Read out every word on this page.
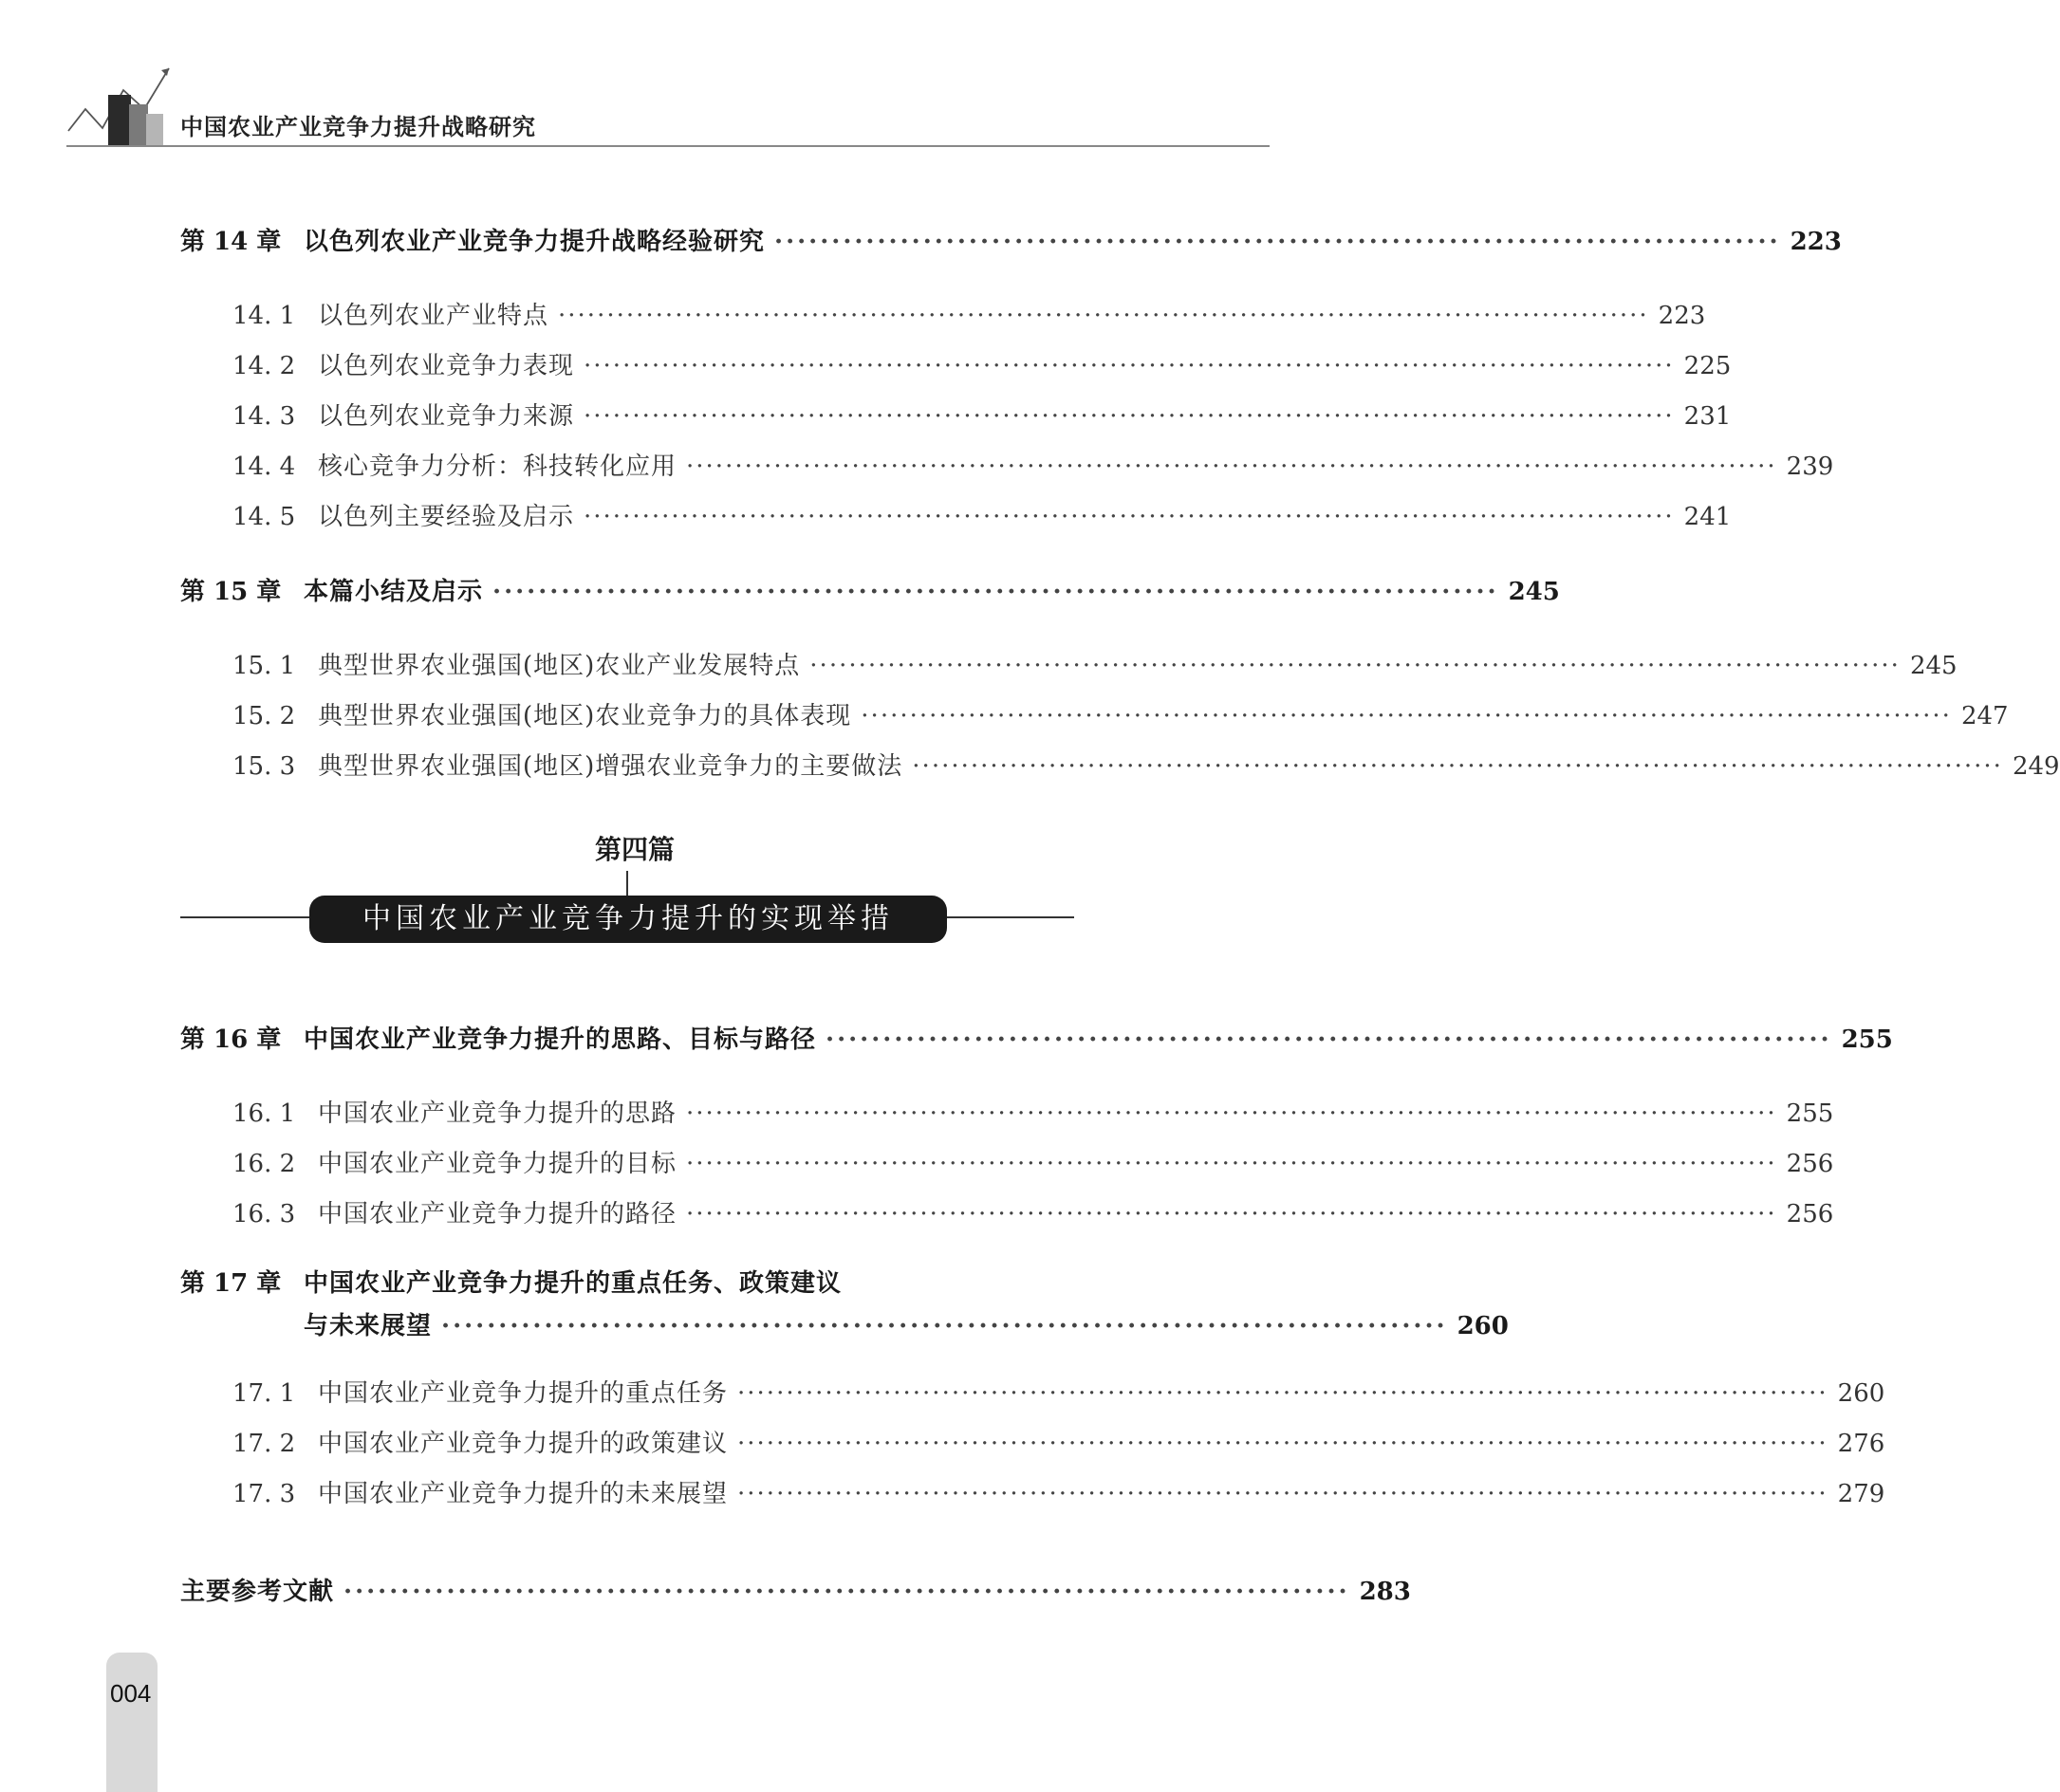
中国农业产业竞争力提升战略研究
第 14 章 以色列农业产业竞争力提升战略经验研究 ························································································ 223
14. 1 以色列农业产业特点 ················································································································ 223
14. 2 以色列农业竞争力表现 ················································································································ 225
14. 3 以色列农业竞争力来源 ················································································································ 231
14. 4 核心竞争力分析：科技转化应用 ················································································································ 239
14. 5 以色列主要经验及启示 ················································································································ 241
第 15 章 本篇小结及启示 ························································································ 245
15. 1 典型世界农业强国(地区)农业产业发展特点 ················································································································ 245
15. 2 典型世界农业强国(地区)农业竞争力的具体表现 ················································································································ 247
15. 3 典型世界农业强国(地区)增强农业竞争力的主要做法 ················································································································ 249
第四篇
中国农业产业竞争力提升的实现举措
第 16 章 中国农业产业竞争力提升的思路、目标与路径 ························································································ 255
16. 1 中国农业产业竞争力提升的思路 ················································································································ 255
16. 2 中国农业产业竞争力提升的目标 ················································································································ 256
16. 3 中国农业产业竞争力提升的路径 ················································································································ 256
第 17 章 中国农业产业竞争力提升的重点任务、政策建议
与未来展望 ························································································ 260
17. 1 中国农业产业竞争力提升的重点任务 ················································································································ 260
17. 2 中国农业产业竞争力提升的政策建议 ················································································································ 276
17. 3 中国农业产业竞争力提升的未来展望 ················································································································ 279
主要参考文献 ························································································ 283
004
